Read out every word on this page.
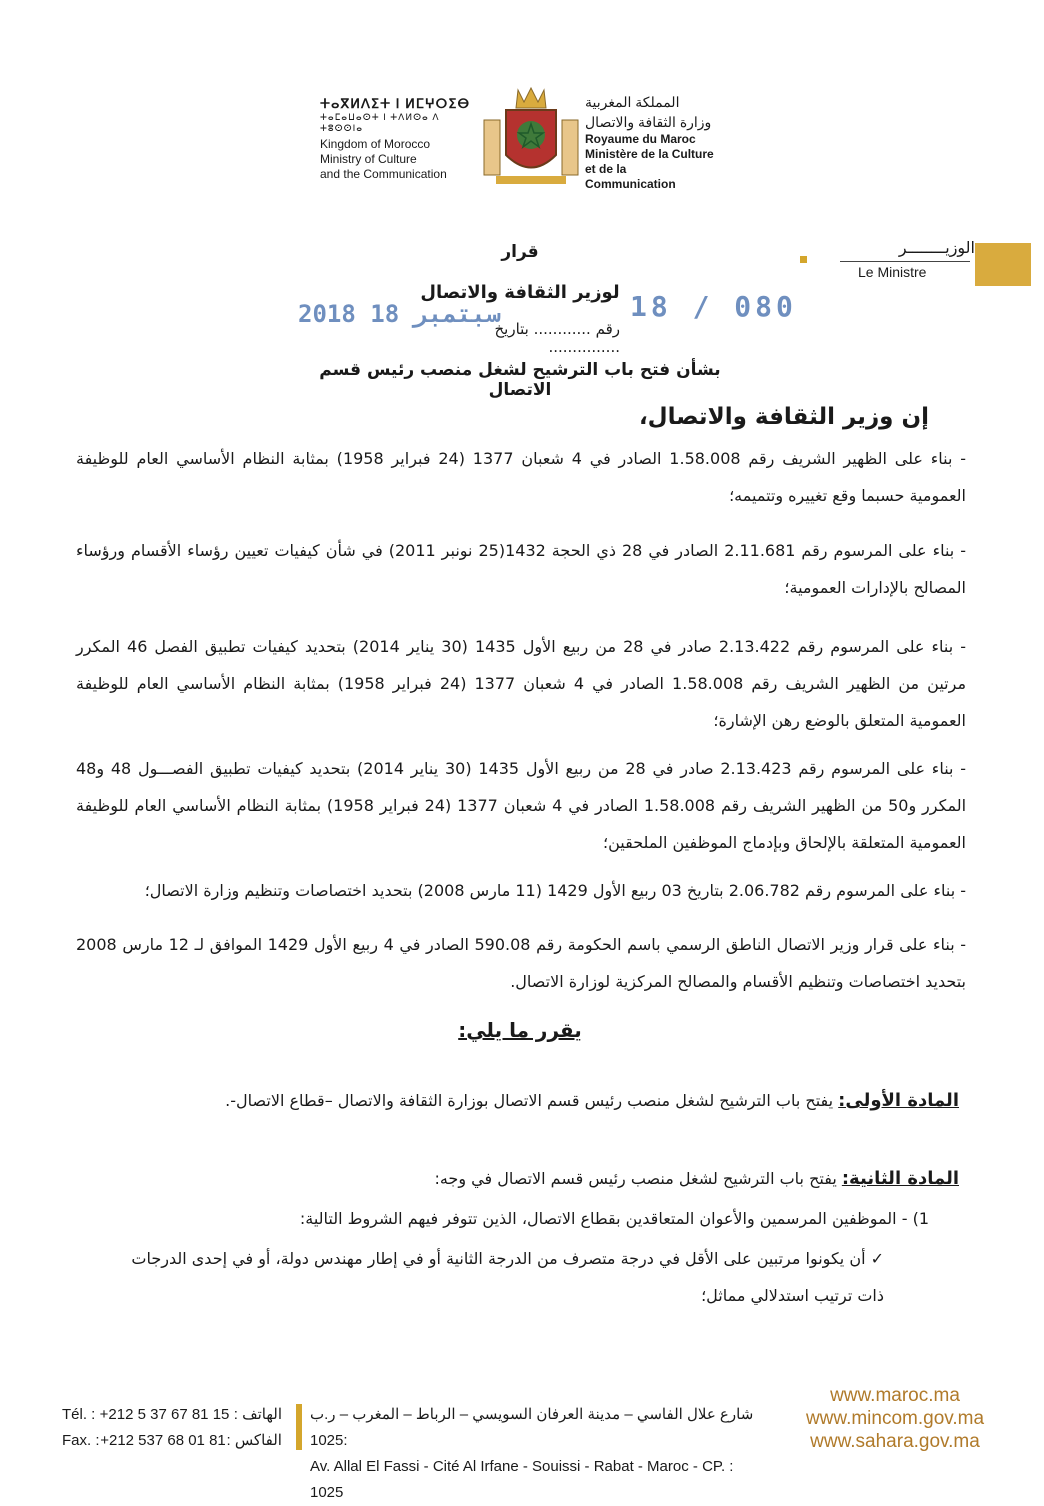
ⵜⴰⴳⵍⴷⵉⵜ ⵏ ⵍⵎⵖⵔⵉⴱ
ⵜⴰⵎⴰⵡⴰⵙⵜ ⵏ ⵜⴷⵍⵙⴰ ⴷ ⵜⵓⵙⵙⵏⴰ
Kingdom of Morocco
Ministry of Culture
and the Communication
المملكة المغربية
وزارة الثقافة والاتصال
Royaume du Maroc
Ministère de la Culture
et de la Communication
الوزيــــــــر
Le Ministre
قرار
لوزير الثقافة والاتصال
رقم ............ بتاريخ ...............
18 / 080
2018 سبتمبر 18
بشأن فتح باب الترشيح لشغل منصب رئيس قسم الاتصال
إن وزير الثقافة والاتصال،
- بناء على الظهير الشريف رقم 1.58.008 الصادر في 4 شعبان 1377 (24 فبراير 1958) بمثابة النظام الأساسي العام للوظيفة العمومية حسبما وقع تغييره وتتميمه؛
- بناء على المرسوم رقم 2.11.681 الصادر في 28 ذي الحجة 1432(25 نونبر 2011) في شأن كيفيات تعيين رؤساء الأقسام ورؤساء المصالح بالإدارات العمومية؛
- بناء على المرسوم رقم 2.13.422 صادر في 28 من ربيع الأول 1435 (30 يناير 2014) بتحديد كيفيات تطبيق الفصل 46 المكرر مرتين من الظهير الشريف رقم 1.58.008 الصادر في 4 شعبان 1377 (24 فبراير 1958) بمثابة النظام الأساسي العام للوظيفة العمومية المتعلق بالوضع رهن الإشارة؛
- بناء على المرسوم رقم 2.13.423 صادر في 28 من ربيع الأول 1435 (30 يناير 2014) بتحديد كيفيات تطبيق الفصـــول 48 و48 المكرر و50 من الظهير الشريف رقم 1.58.008 الصادر في 4 شعبان 1377 (24 فبراير 1958) بمثابة النظام الأساسي العام للوظيفة العمومية المتعلقة بالإلحاق وبإدماج الموظفين الملحقين؛
- بناء على المرسوم رقم 2.06.782 بتاريخ 03 ربيع الأول 1429 (11 مارس 2008) بتحديد اختصاصات وتنظيم وزارة الاتصال؛
- بناء على قرار وزير الاتصال الناطق الرسمي باسم الحكومة رقم 590.08 الصادر في 4 ربيع الأول 1429 الموافق لـ 12 مارس 2008 بتحديد اختصاصات وتنظيم الأقسام والمصالح المركزية لوزارة الاتصال.
يقرر ما يلي:
المادة الأولى: يفتح باب الترشيح لشغل منصب رئيس قسم الاتصال بوزارة الثقافة والاتصال –قطاع الاتصال-.
المادة الثانية: يفتح باب الترشيح لشغل منصب رئيس قسم الاتصال في وجه:
1) - الموظفين المرسمين والأعوان المتعاقدين بقطاع الاتصال، الذين تتوفر فيهم الشروط التالية:
✓ أن يكونوا مرتبين على الأقل في درجة متصرف من الدرجة الثانية أو في إطار مهندس دولة، أو في إحدى الدرجات ذات ترتيب استدلالي مماثل؛
Tél. : +212 5 37 67 81 15 : الهاتف
Fax. : +212 537 68 01 81 : الفاكس
شارع علال الفاسي – مدينة العرفان السويسي – الرباط – المغرب – ر.ب :1025
Av. Allal El Fassi - Cité Al Irfane - Souissi - Rabat - Maroc - CP. : 1025
www.maroc.ma
www.mincom.gov.ma
www.sahara.gov.ma
